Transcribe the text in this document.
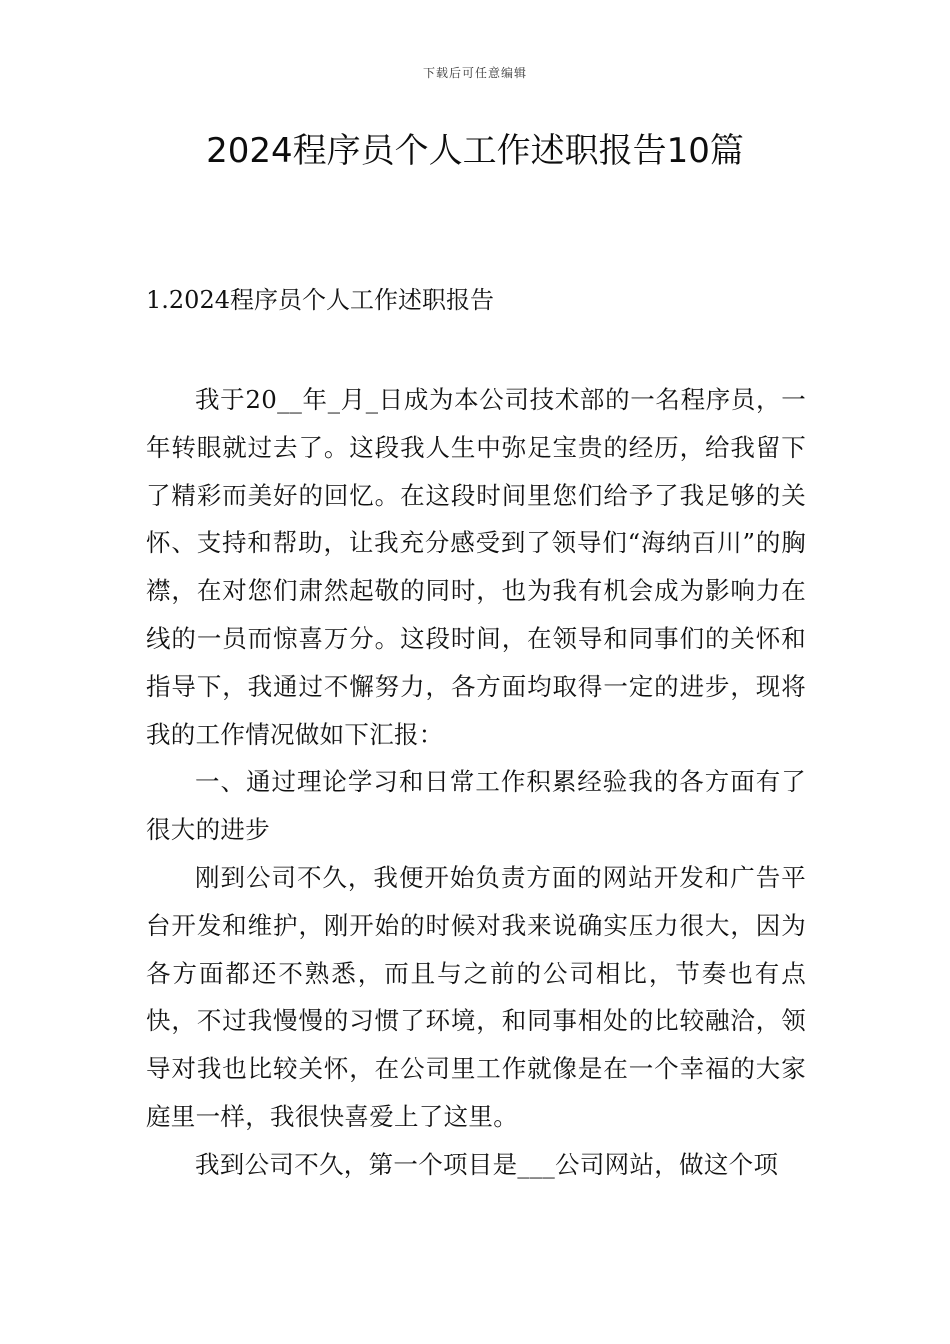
下载后可任意编辑
2024程序员个人工作述职报告10篇
1.2024程序员个人工作述职报告

我于20__年_月_日成为本公司技术部的一名程序员，一年转眼就过去了。这段我人生中弥足宝贵的经历，给我留下了精彩而美好的回忆。在这段时间里您们给予了我足够的关怀、支持和帮助，让我充分感受到了领导们“海纳百川”的胸襟，在对您们肃然起敬的同时，也为我有机会成为影响力在线的一员而惊喜万分。这段时间，在领导和同事们的关怀和指导下，我通过不懈努力，各方面均取得一定的进步，现将我的工作情况做如下汇报：

一、通过理论学习和日常工作积累经验我的各方面有了很大的进步

刚到公司不久，我便开始负责方面的网站开发和广告平台开发和维护，刚开始的时候对我来说确实压力很大，因为各方面都还不熟悉，而且与之前的公司相比，节奏也有点快，不过我慢慢的习惯了环境，和同事相处的比较融洽，领导对我也比较关怀，在公司里工作就像是在一个幸福的大家庭里一样，我很快喜爱上了这里。

我到公司不久，第一个项目是___公司网站，做这个项
